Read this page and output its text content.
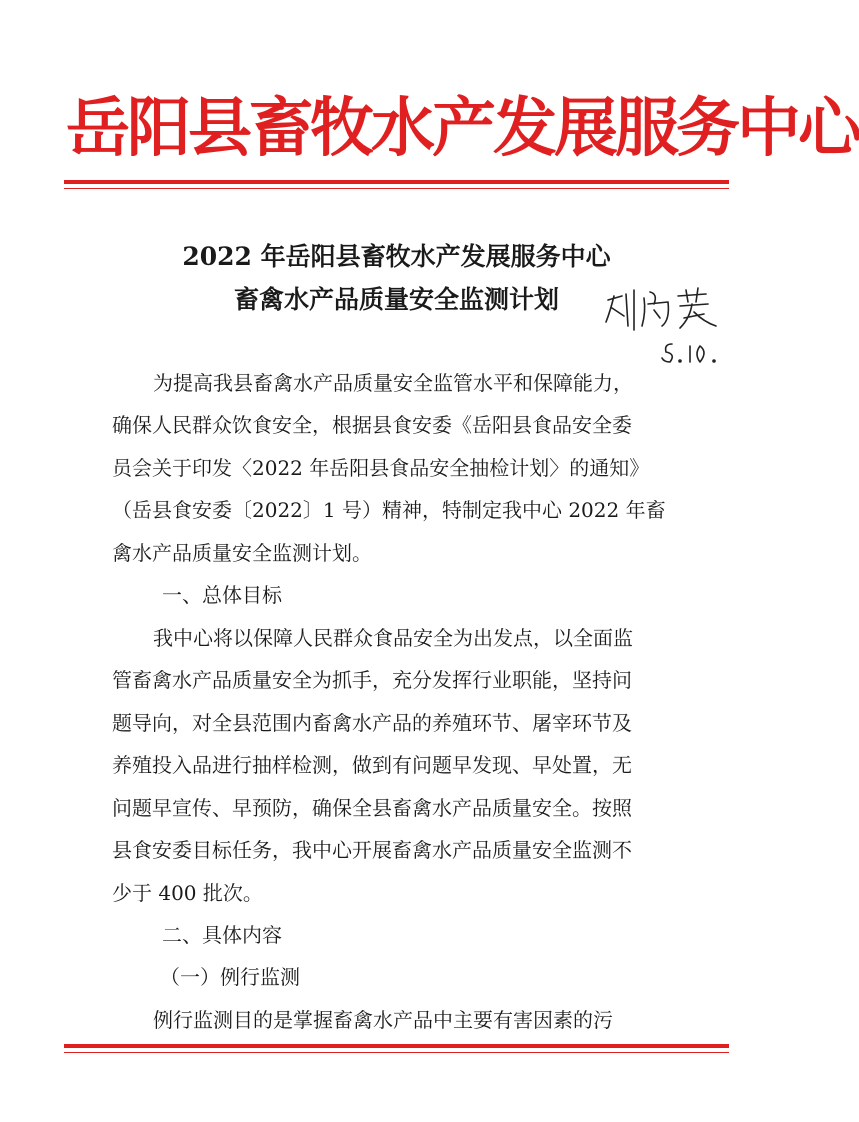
岳阳县畜牧水产发展服务中心
2022 年岳阳县畜牧水产发展服务中心
畜禽水产品质量安全监测计划
为提高我县畜禽水产品质量安全监管水平和保障能力，
确保人民群众饮食安全，根据县食安委《岳阳县食品安全委
员会关于印发〈2022 年岳阳县食品安全抽检计划〉的通知》
（岳县食安委〔2022〕1 号）精神，特制定我中心 2022 年畜
禽水产品质量安全监测计划。
一、总体目标
我中心将以保障人民群众食品安全为出发点，以全面监
管畜禽水产品质量安全为抓手，充分发挥行业职能，坚持问
题导向，对全县范围内畜禽水产品的养殖环节、屠宰环节及
养殖投入品进行抽样检测，做到有问题早发现、早处置，无
问题早宣传、早预防，确保全县畜禽水产品质量安全。按照
县食安委目标任务，我中心开展畜禽水产品质量安全监测不
少于 400 批次。
二、具体内容
（一）例行监测
例行监测目的是掌握畜禽水产品中主要有害因素的污
